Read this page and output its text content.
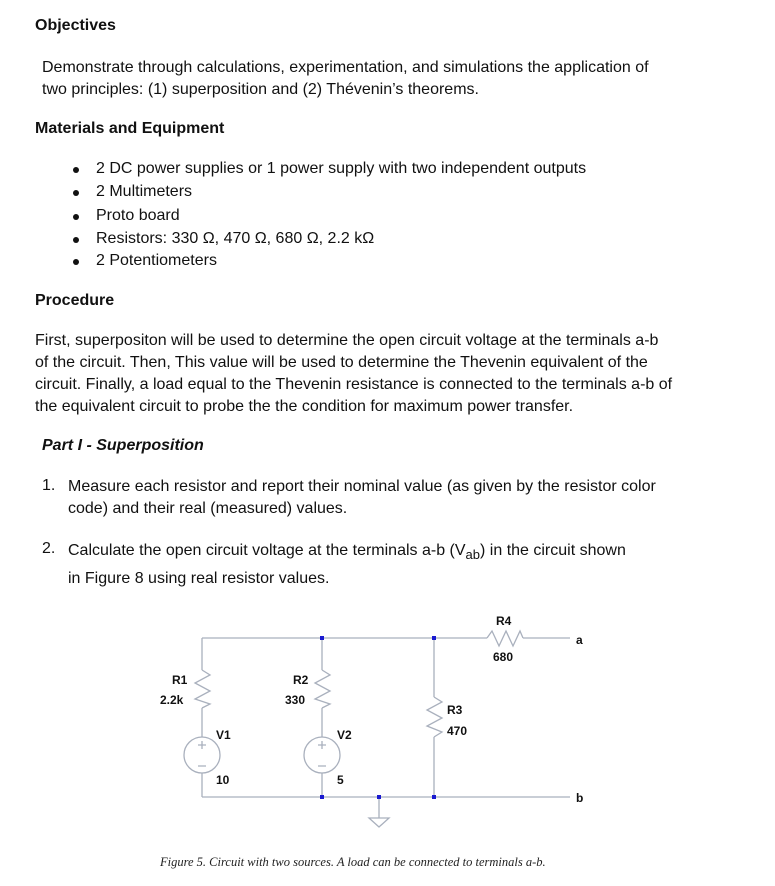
Objectives
Demonstrate through calculations, experimentation, and simulations the application of
two principles: (1) superposition and (2) Thévenin’s theorems.
Materials and Equipment
2 DC power supplies or 1 power supply with two independent outputs
2 Multimeters
Proto board
Resistors: 330 Ω, 470 Ω, 680 Ω, 2.2 kΩ
2 Potentiometers
Procedure
First, superpositon will be used to determine the open circuit voltage at the terminals a-b
of the circuit. Then, This value will be used to determine the Thevenin equivalent of the
circuit. Finally, a load equal to the Thevenin resistance is connected to the terminals a-b of
the equivalent circuit to probe the the condition for maximum power transfer.
Part I - Superposition
1. Measure each resistor and report their nominal value (as given by the resistor color
code) and their real (measured) values.
2. Calculate the open circuit voltage at the terminals a-b $(V_{ab})$ in the circuit shown
in Figure 8 using real resistor values.
R4
680
R1
2.2k
R2
330
R3
470
V1
10
V2
5
a
b
Figure 5. Circuit with two sources. A load can be connected to terminals a-b.
